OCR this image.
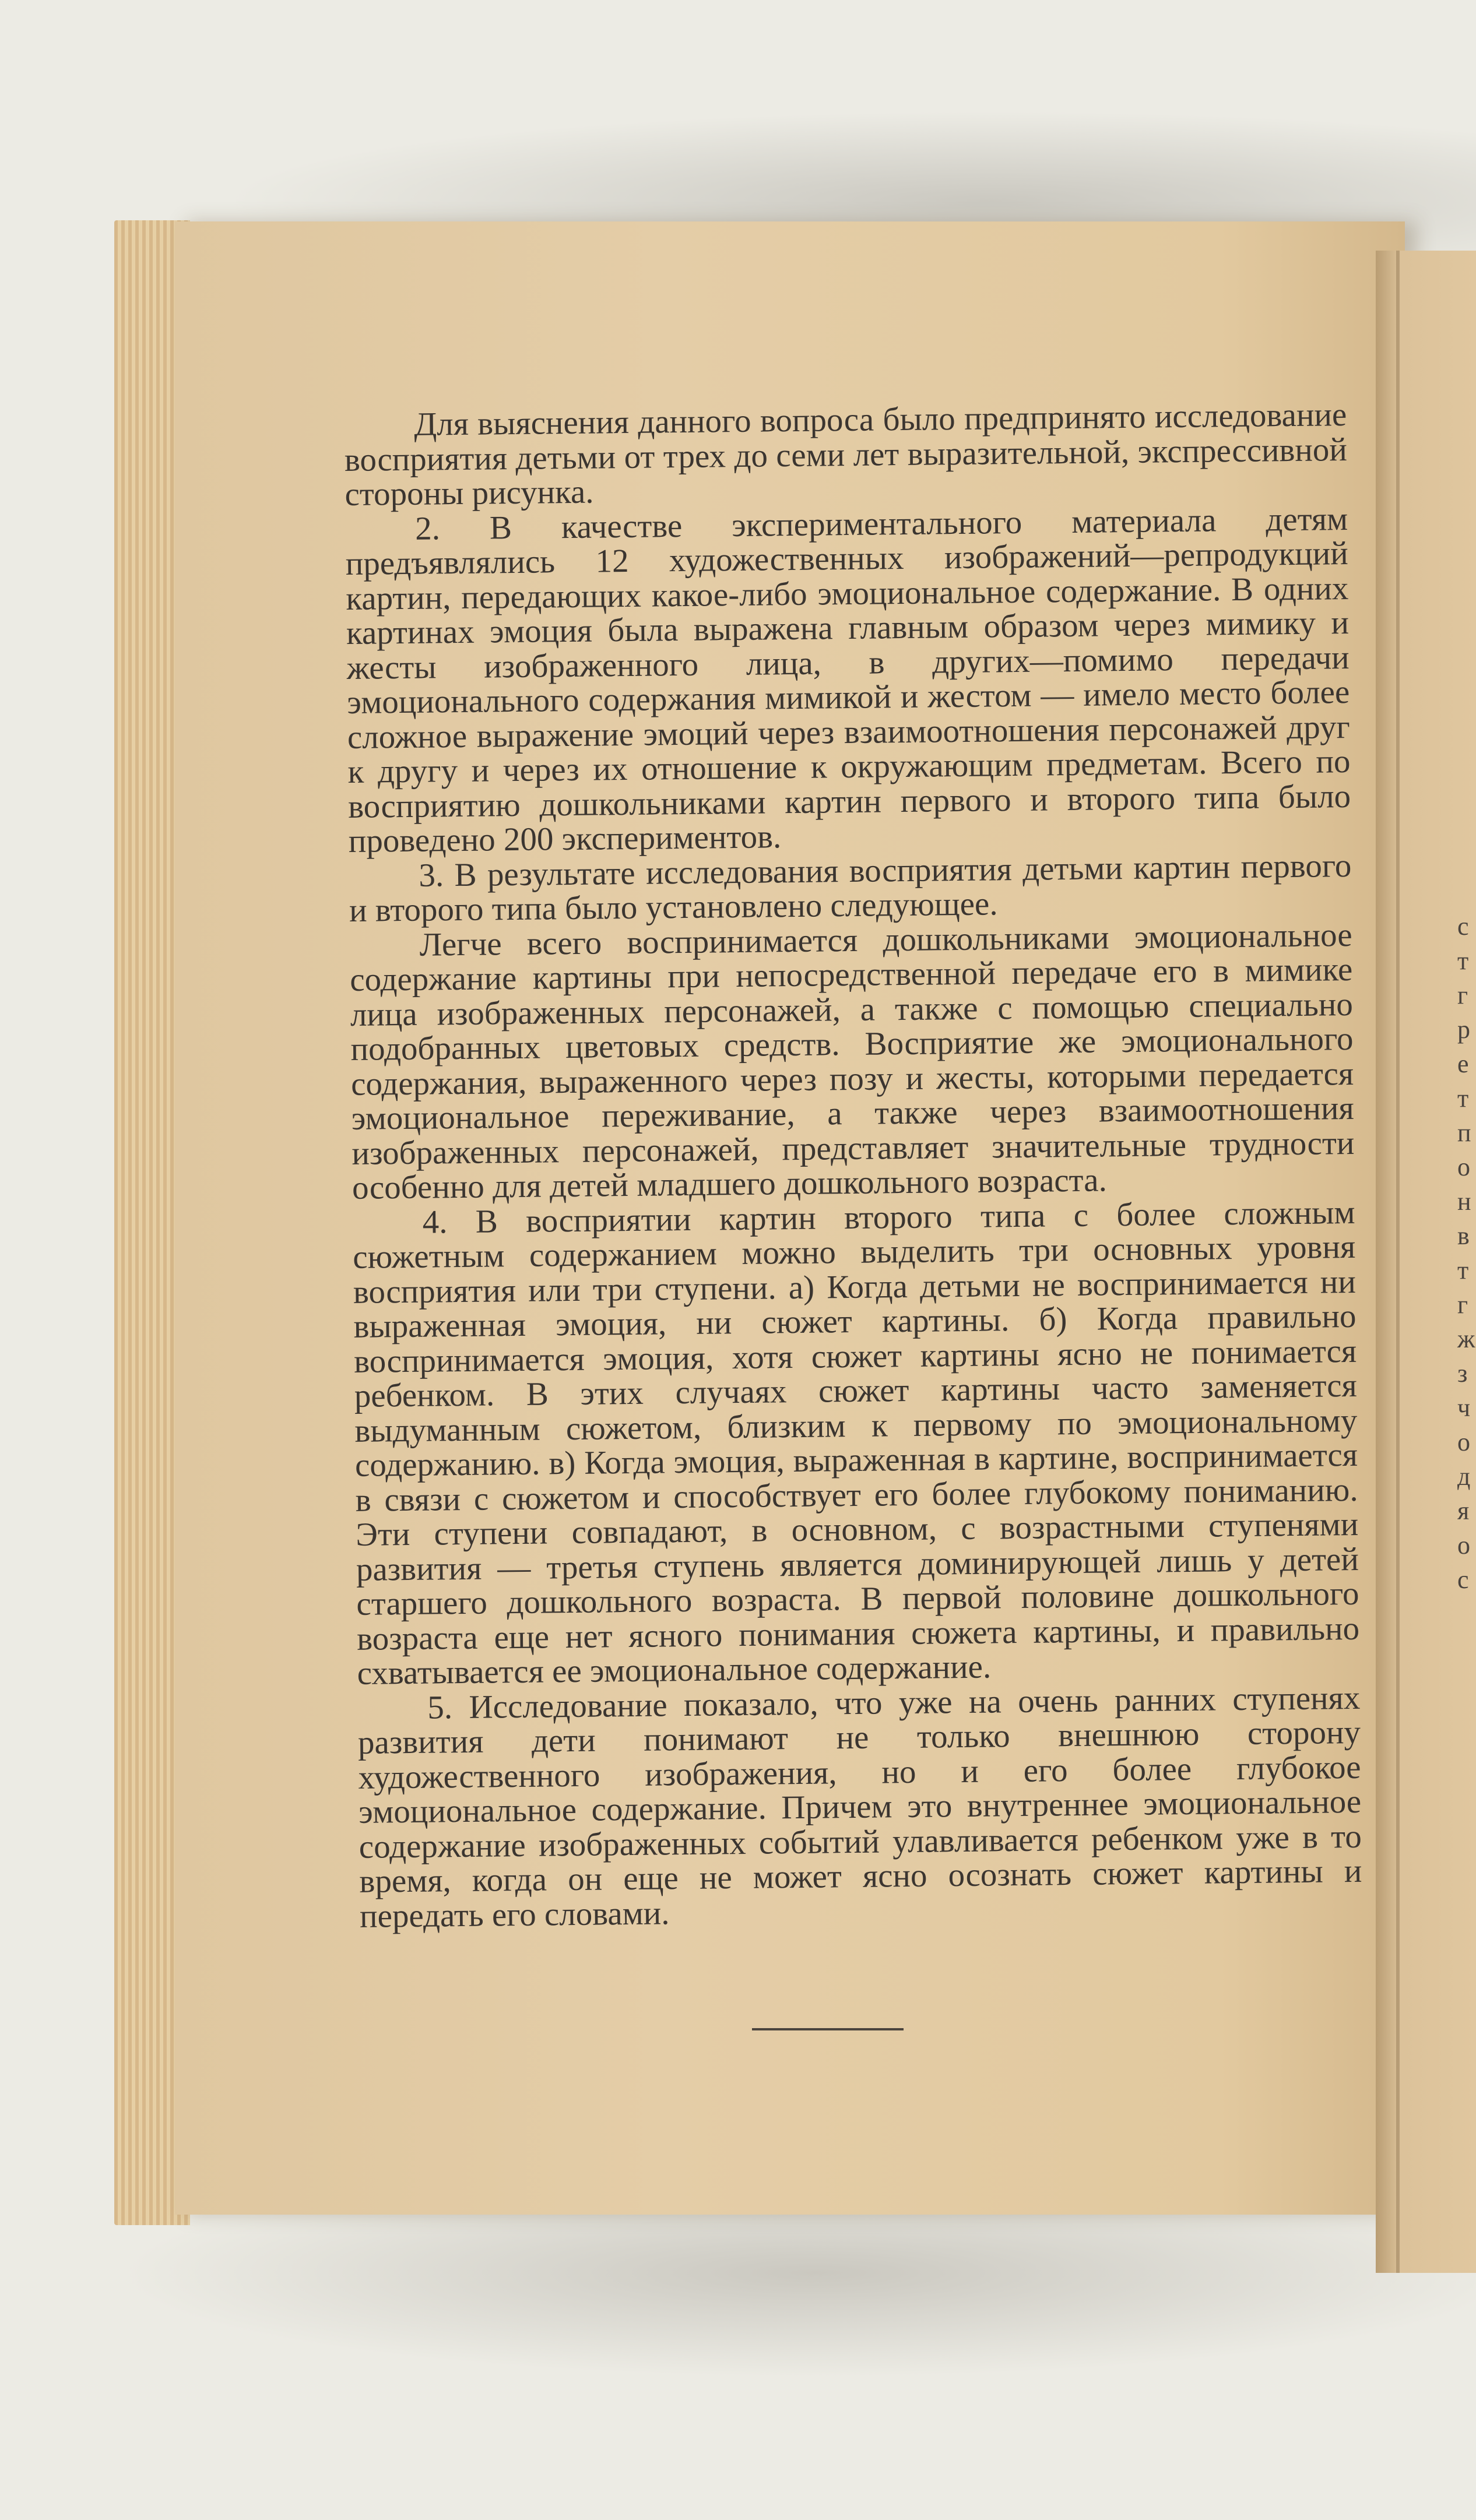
Для выяснения данного вопроса было предпринято исследование восприятия детьми от трех до семи лет выразительной, экспрессивной стороны рисунка.

2. В качестве экспериментального материала детям предъявлялись 12 художественных изображений—репродукций картин, передающих какое-либо эмоциональное содержание. В одних картинах эмоция была выражена главным образом через мимику и жесты изображенного лица, в других—помимо передачи эмоционального содержания мимикой и жестом — имело место более сложное выражение эмоций через взаимоотношения персонажей друг к другу и через их отношение к окружающим предметам. Всего по восприятию дошкольниками картин первого и второго типа было проведено 200 экспериментов.

3. В результате исследования восприятия детьми картин первого и второго типа было установлено следующее.

Легче всего воспринимается дошкольниками эмоциональное содержание картины при непосредственной передаче его в мимике лица изображенных персонажей, а также с помощью специально подобранных цветовых средств. Восприятие же эмоционального содержания, выраженного через позу и жесты, которыми передается эмоциональное переживание, а также через взаимоотношения изображенных персонажей, представляет значительные трудности особенно для детей младшего дошкольного возраста.

4. В восприятии картин второго типа с более сложным сюжетным содержанием можно выделить три основных уровня восприятия или три ступени. а) Когда детьми не воспринимается ни выраженная эмоция, ни сюжет картины. б) Когда правильно воспринимается эмоция, хотя сюжет картины ясно не понимается ребенком. В этих случаях сюжет картины часто заменяется выдуманным сюжетом, близким к первому по эмоциональному содержанию. в) Когда эмоция, выраженная в картине, воспринимается в связи с сюжетом и способствует его более глубокому пониманию. Эти ступени совпадают, в основном, с возрастными ступенями развития — третья ступень является доминирующей лишь у детей старшего дошкольного возраста. В первой половине дошкольного возраста еще нет ясного понимания сюжета картины, и правильно схватывается ее эмоциональное содержание.

5. Исследование показало, что уже на очень ранних ступенях развития дети понимают не только внешнюю сторону художественного изображения, но и его более глубокое эмоциональное содержание. Причем это внутреннее эмоциональное содержание изображенных событий улавливается ребенком уже в то время, когда он еще не может ясно осознать сюжет картины и передать его словами.

с
т
г
р
е
т
п
о
н
в
т
г
ж
з
ч
о
д
я
о
с
